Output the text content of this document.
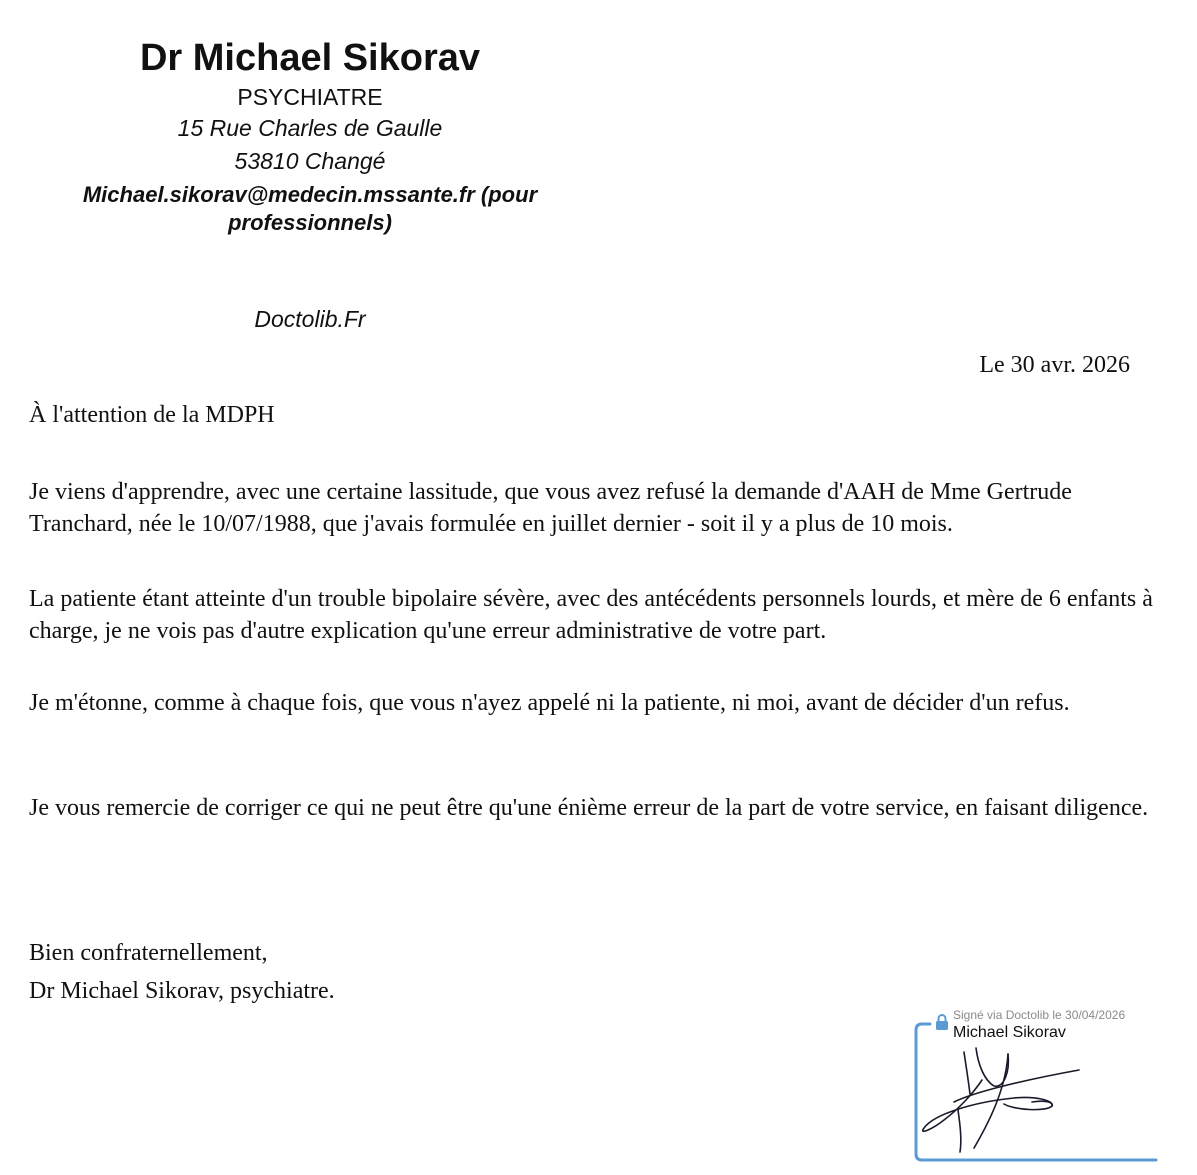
Dr Michael Sikorav
PSYCHIATRE
15 Rue Charles de Gaulle
53810 Changé
Michael.sikorav@medecin.mssante.fr (pour
professionnels)
Doctolib.Fr
Le 30 avr. 2026
À l'attention de la MDPH

Je viens d'apprendre, avec une certaine lassitude, que vous avez refusé la demande d'AAH de Mme Gertrude Tranchard, née le 10/07/1988, que j'avais formulée en juillet dernier - soit il y a plus de 10 mois.

La patiente étant atteinte d'un trouble bipolaire sévère, avec des antécédents personnels lourds, et mère de 6 enfants à charge, je ne vois pas d'autre explication qu'une erreur administrative de votre part.

Je m'étonne, comme à chaque fois, que vous n'ayez appelé ni la patiente, ni moi, avant de décider d'un refus.

Je vous remercie de corriger ce qui ne peut être qu'une énième erreur de la part de votre service, en faisant diligence.

Bien confraternellement,
Dr Michael Sikorav, psychiatre.
Signé via Doctolib le 30/04/2026
Michael Sikorav
